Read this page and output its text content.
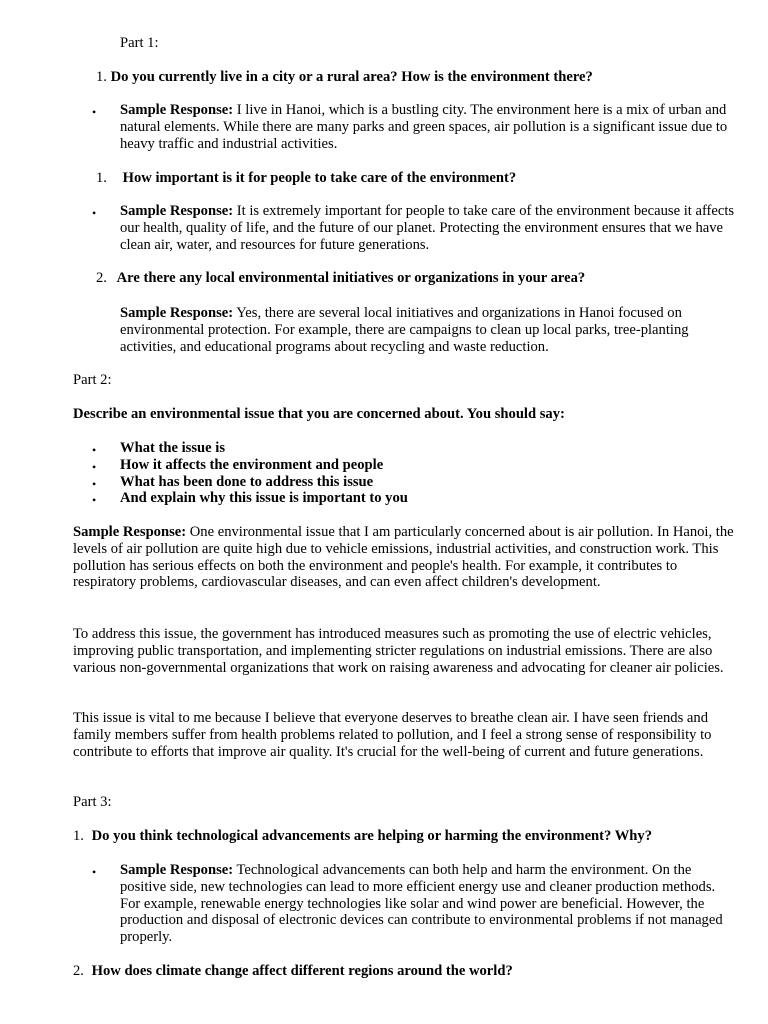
Part 1:
1. Do you currently live in a city or a rural area? How is the environment there?
• Sample Response: I live in Hanoi, which is a bustling city. The environment here is a mix of urban and natural elements. While there are many parks and green spaces, air pollution is a significant issue due to heavy traffic and industrial activities.
1. How important is it for people to take care of the environment?
• Sample Response: It is extremely important for people to take care of the environment because it affects our health, quality of life, and the future of our planet. Protecting the environment ensures that we have clean air, water, and resources for future generations.
2. Are there any local environmental initiatives or organizations in your area?
Sample Response: Yes, there are several local initiatives and organizations in Hanoi focused on environmental protection. For example, there are campaigns to clean up local parks, tree-planting activities, and educational programs about recycling and waste reduction.
Part 2:
Describe an environmental issue that you are concerned about. You should say:
• What the issue is
• How it affects the environment and people
• What has been done to address this issue
• And explain why this issue is important to you
Sample Response: One environmental issue that I am particularly concerned about is air pollution. In Hanoi, the levels of air pollution are quite high due to vehicle emissions, industrial activities, and construction work. This pollution has serious effects on both the environment and people's health. For example, it contributes to respiratory problems, cardiovascular diseases, and can even affect children's development.
To address this issue, the government has introduced measures such as promoting the use of electric vehicles, improving public transportation, and implementing stricter regulations on industrial emissions. There are also various non-governmental organizations that work on raising awareness and advocating for cleaner air policies.
This issue is vital to me because I believe that everyone deserves to breathe clean air. I have seen friends and family members suffer from health problems related to pollution, and I feel a strong sense of responsibility to contribute to efforts that improve air quality. It's crucial for the well-being of current and future generations.
Part 3:
1. Do you think technological advancements are helping or harming the environment? Why?
• Sample Response: Technological advancements can both help and harm the environment. On the positive side, new technologies can lead to more efficient energy use and cleaner production methods. For example, renewable energy technologies like solar and wind power are beneficial. However, the production and disposal of electronic devices can contribute to environmental problems if not managed properly.
2. How does climate change affect different regions around the world?
